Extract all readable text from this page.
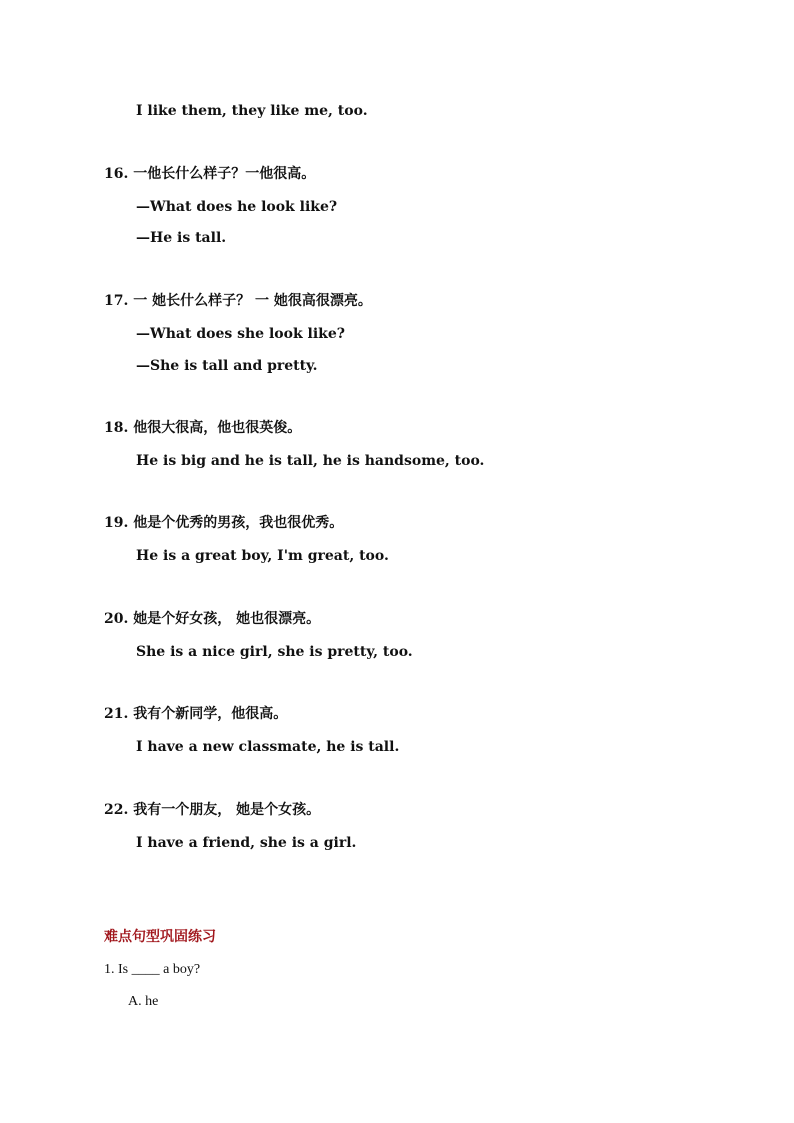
I like them, they like me, too.
16. 一他长什么样子？一他很高。
—What does he look like?
—He is tall.
17. 一 她长什么样子？ 一 她很高很漂亮。
—What does she look like?
—She is tall and pretty.
18. 他很大很高，他也很英俊。
He is big and he is tall, he is handsome, too.
19. 他是个优秀的男孩，我也很优秀。
He is a great boy, I'm great, too.
20. 她是个好女孩， 她也很漂亮。
She is a nice girl, she is pretty, too.
21. 我有个新同学，他很高。
I have a new classmate, he is tall.
22. 我有一个朋友， 她是个女孩。
I have a friend, she is a girl.
难点句型巩固练习
1. Is ____ a boy?
A. he
